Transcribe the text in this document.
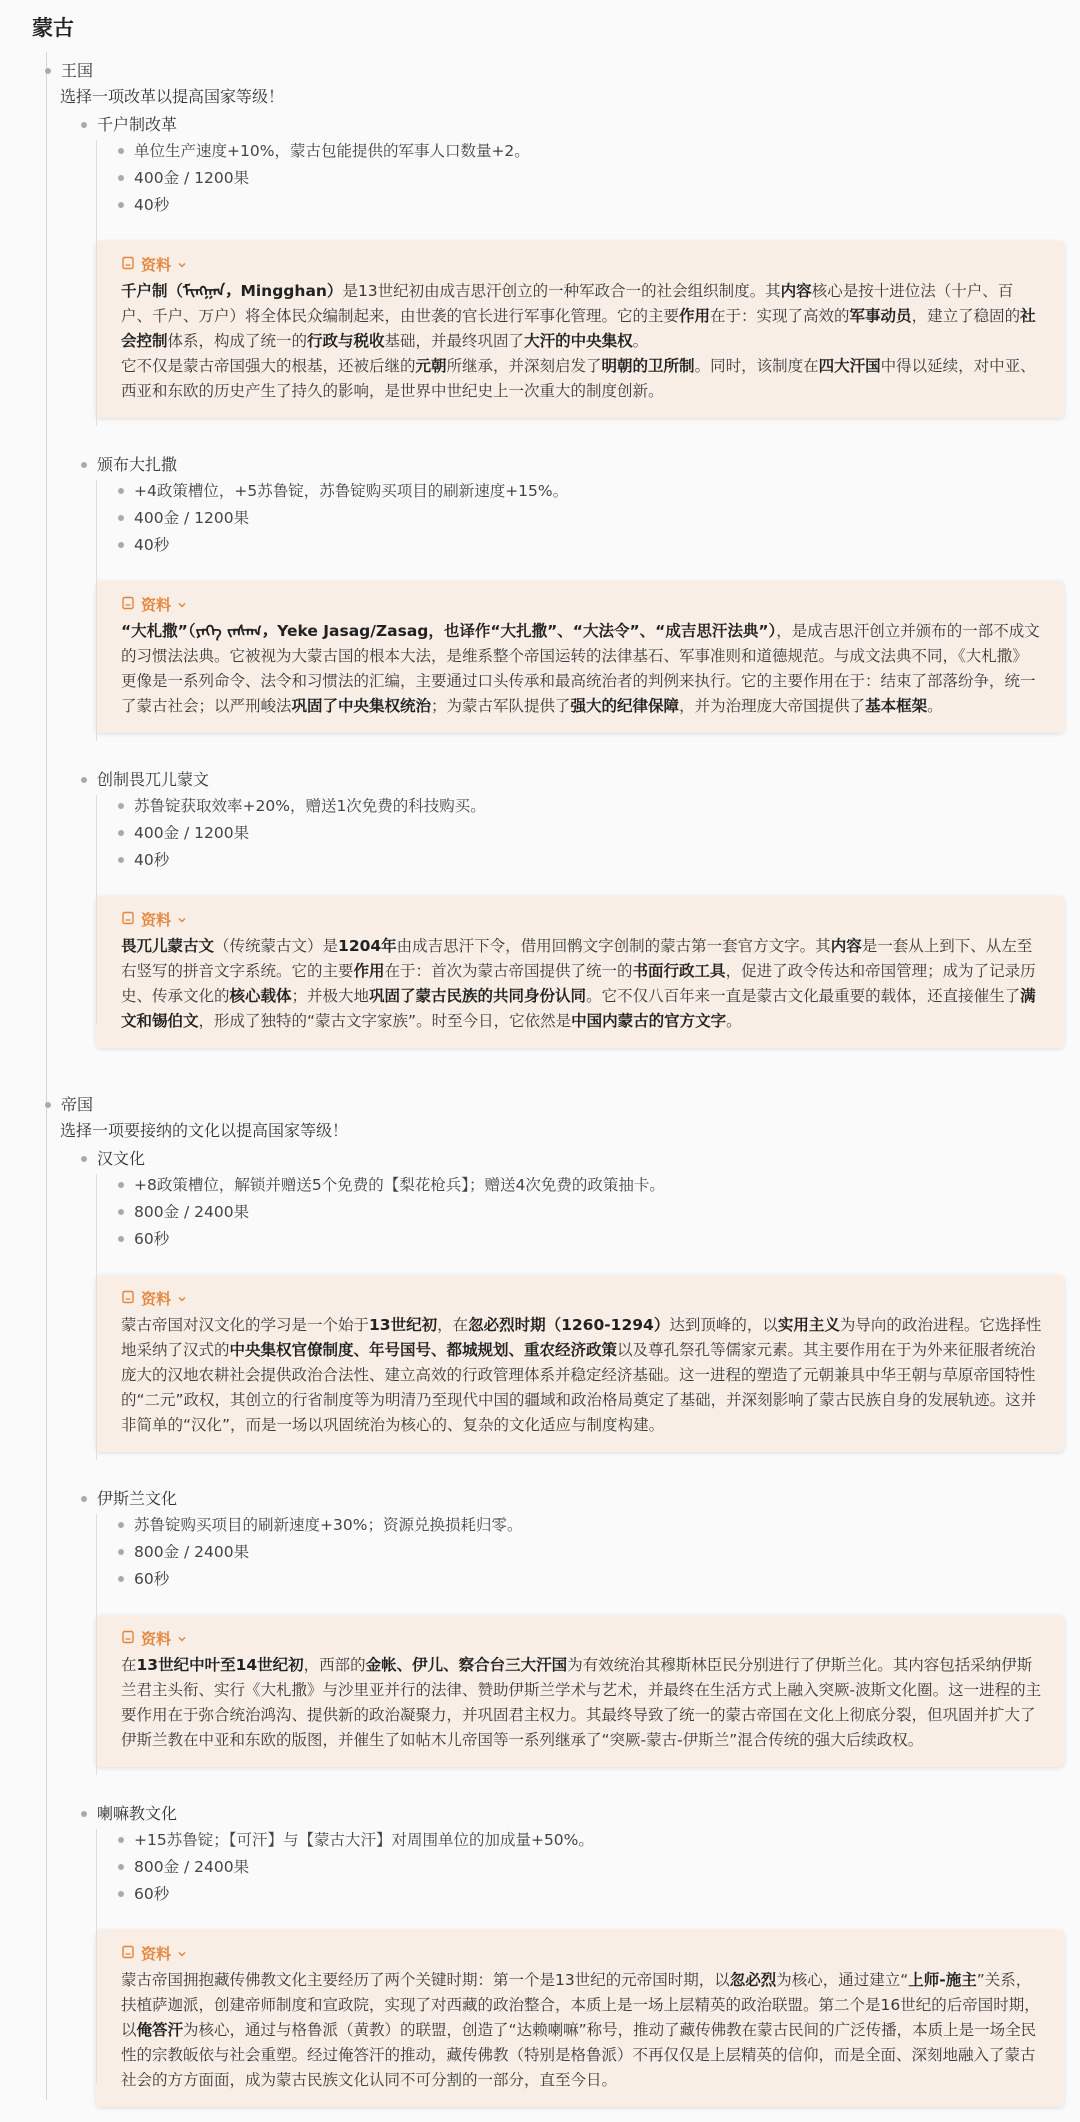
蒙古
王国
选择一项改革以提高国家等级！
千户制改革
单位生产速度+10%，蒙古包能提供的军事人口数量+2。
400金 / 1200果
40秒
资料

千户制（ᠮᠢᠩᠭᠠᠨ，Mingghan）是13世纪初由成吉思汗创立的一种军政合一的社会组织制度。其内容核心是按十进位法（十户、百户、千户、万户）将全体民众编制起来，由世袭的官长进行军事化管理。它的主要作用在于：实现了高效的军事动员，建立了稳固的社会控制体系，构成了统一的行政与税收基础，并最终巩固了大汗的中央集权。
它不仅是蒙古帝国强大的根基，还被后继的元朝所继承，并深刻启发了明朝的卫所制。同时，该制度在四大汗国中得以延续，对中亚、西亚和东欧的历史产生了持久的影响，是世界中世纪史上一次重大的制度创新。

颁布大扎撒
+4政策槽位，+5苏鲁锭，苏鲁锭购买项目的刷新速度+15%。
400金 / 1200果
40秒
资料

“大札撒”（ᠶᠡᠬᠡ ᠵᠠᠰᠠᠭ，Yeke Jasag/Zasag，也译作“大扎撒”、“大法令”、“成吉思汗法典”），是成吉思汗创立并颁布的一部不成文的习惯法法典。它被视为大蒙古国的根本大法，是维系整个帝国运转的法律基石、军事准则和道德规范。与成文法典不同，《大札撒》更像是一系列命令、法令和习惯法的汇编，主要通过口头传承和最高统治者的判例来执行。它的主要作用在于：结束了部落纷争，统一了蒙古社会；以严刑峻法巩固了中央集权统治；为蒙古军队提供了强大的纪律保障，并为治理庞大帝国提供了基本框架。

创制畏兀儿蒙文
苏鲁锭获取效率+20%，赠送1次免费的科技购买。
400金 / 1200果
40秒
资料

畏兀儿蒙古文（传统蒙古文）是1204年由成吉思汗下令，借用回鹘文字创制的蒙古第一套官方文字。其内容是一套从上到下、从左至右竖写的拼音文字系统。它的主要作用在于：首次为蒙古帝国提供了统一的书面行政工具，促进了政令传达和帝国管理；成为了记录历史、传承文化的核心载体；并极大地巩固了蒙古民族的共同身份认同。它不仅八百年来一直是蒙古文化最重要的载体，还直接催生了满文和锡伯文，形成了独特的“蒙古文字家族”。时至今日，它依然是中国内蒙古的官方文字。

帝国
选择一项要接纳的文化以提高国家等级！
汉文化
+8政策槽位，解锁并赠送5个免费的【梨花枪兵】；赠送4次免费的政策抽卡。
800金 / 2400果
60秒
资料

蒙古帝国对汉文化的学习是一个始于13世纪初，在忽必烈时期（1260-1294）达到顶峰的，以实用主义为导向的政治进程。它选择性地采纳了汉式的中央集权官僚制度、年号国号、都城规划、重农经济政策以及尊孔祭孔等儒家元素。其主要作用在于为外来征服者统治庞大的汉地农耕社会提供政治合法性、建立高效的行政管理体系并稳定经济基础。这一进程的塑造了元朝兼具中华王朝与草原帝国特性的“二元”政权，其创立的行省制度等为明清乃至现代中国的疆域和政治格局奠定了基础，并深刻影响了蒙古民族自身的发展轨迹。这并非简单的“汉化”，而是一场以巩固统治为核心的、复杂的文化适应与制度构建。

伊斯兰文化
苏鲁锭购买项目的刷新速度+30%；资源兑换损耗归零。
800金 / 2400果
60秒
资料

在13世纪中叶至14世纪初，西部的金帐、伊儿、察合台三大汗国为有效统治其穆斯林臣民分别进行了伊斯兰化。其内容包括采纳伊斯兰君主头衔、实行《大札撒》与沙里亚并行的法律、赞助伊斯兰学术与艺术，并最终在生活方式上融入突厥-波斯文化圈。这一进程的主要作用在于弥合统治鸿沟、提供新的政治凝聚力，并巩固君主权力。其最终导致了统一的蒙古帝国在文化上彻底分裂，但巩固并扩大了伊斯兰教在中亚和东欧的版图，并催生了如帖木儿帝国等一系列继承了“突厥-蒙古-伊斯兰”混合传统的强大后续政权。

喇嘛教文化
+15苏鲁锭；【可汗】与【蒙古大汗】对周围单位的加成量+50%。
800金 / 2400果
60秒
资料

蒙古帝国拥抱藏传佛教文化主要经历了两个关键时期：第一个是13世纪的元帝国时期，以忽必烈为核心，通过建立“上师-施主”关系，扶植萨迦派，创建帝师制度和宣政院，实现了对西藏的政治整合，本质上是一场上层精英的政治联盟。第二个是16世纪的后帝国时期，以俺答汗为核心，通过与格鲁派（黄教）的联盟，创造了“达赖喇嘛”称号，推动了藏传佛教在蒙古民间的广泛传播，本质上是一场全民性的宗教皈依与社会重塑。经过俺答汗的推动，藏传佛教（特别是格鲁派）不再仅仅是上层精英的信仰，而是全面、深刻地融入了蒙古社会的方方面面，成为蒙古民族文化认同不可分割的一部分，直至今日。
